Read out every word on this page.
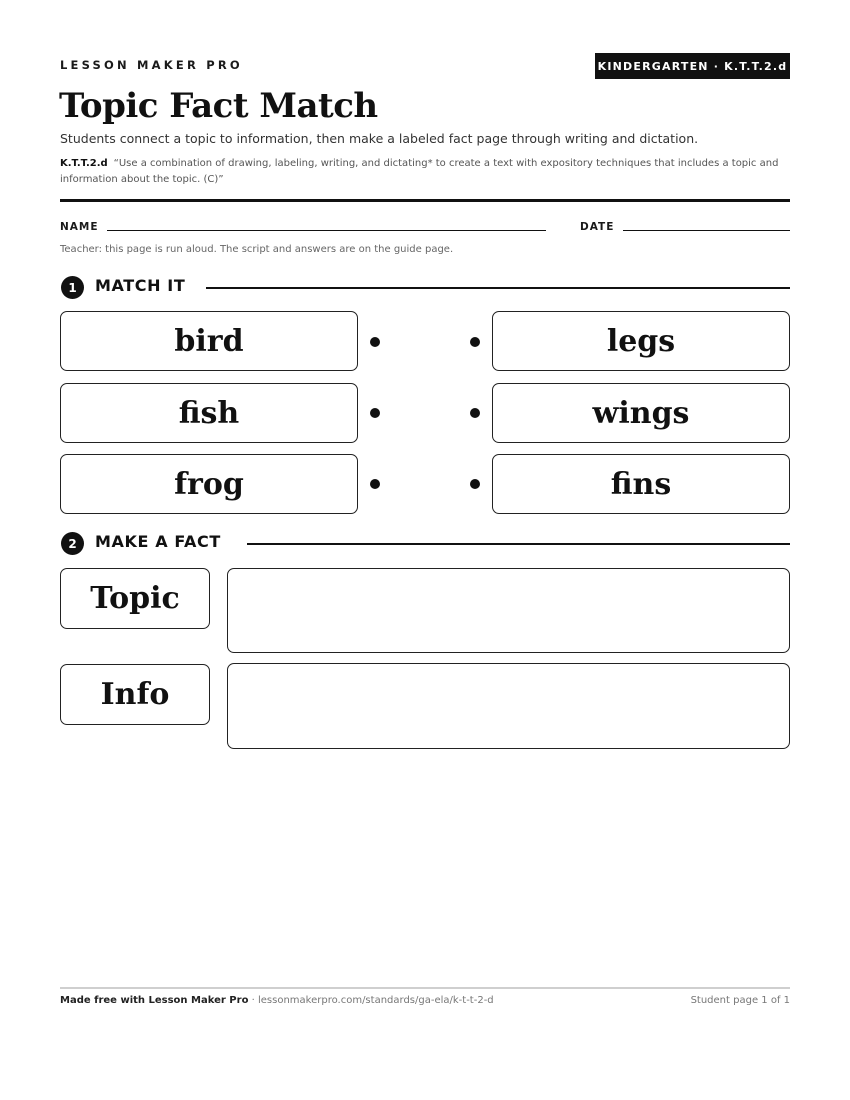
LESSON MAKER PRO	KINDERGARTEN · K.T.T.2.d
Topic Fact Match
Students connect a topic to information, then make a labeled fact page through writing and dictation.
K.T.T.2.d “Use a combination of drawing, labeling, writing, and dictating* to create a text with expository techniques that includes a topic and information about the topic. (C)”
NAME	DATE
Teacher: this page is run aloud. The script and answers are on the guide page.
1	MATCH IT
bird	legs
fish	wings
frog	fins
2	MAKE A FACT
Topic
Info
Made free with Lesson Maker Pro · lessonmakerpro.com/standards/ga-ela/k-t-t-2-d	Student page 1 of 1
